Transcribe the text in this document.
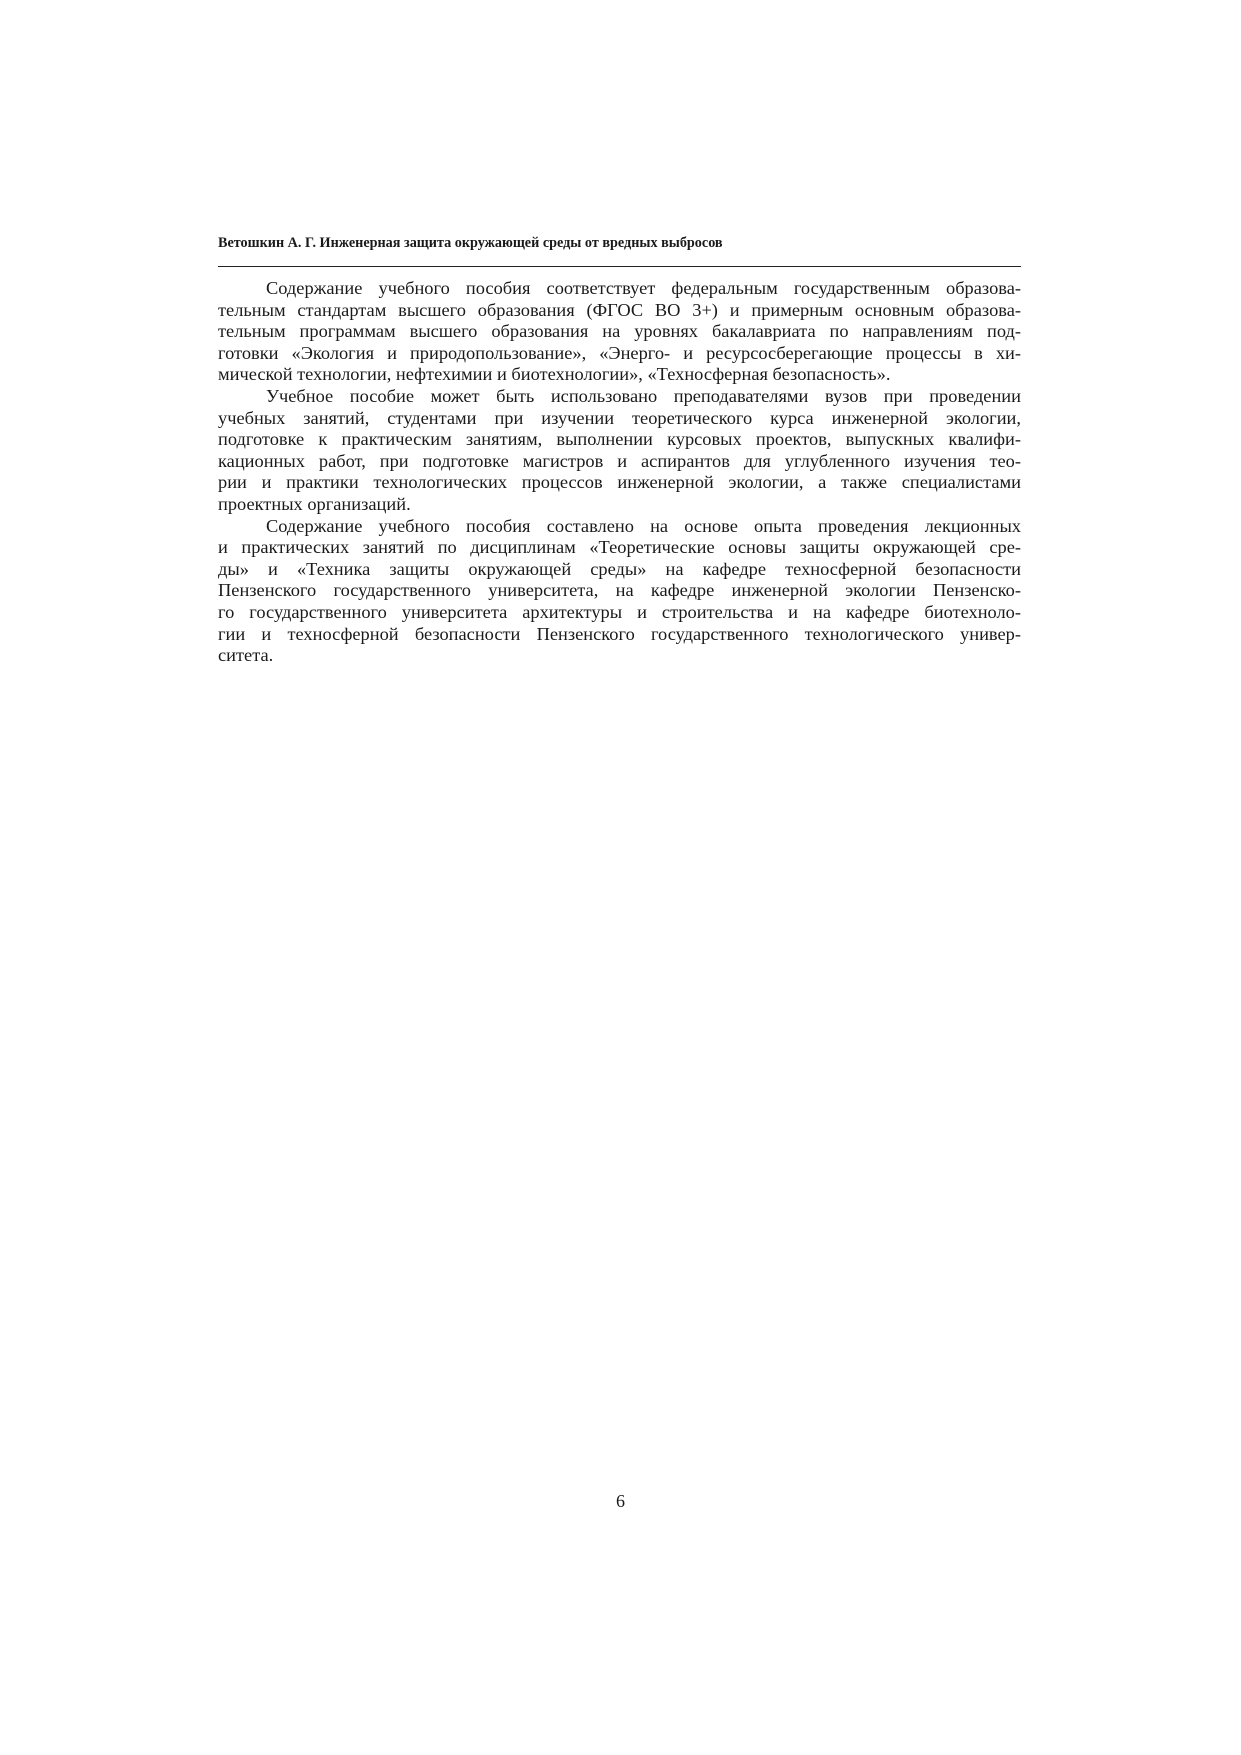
Ветошкин А. Г. Инженерная защита окружающей среды от вредных выбросов
Содержание учебного пособия соответствует федеральным государственным образова-
тельным стандартам высшего образования (ФГОС ВО 3+) и примерным основным образова-
тельным программам высшего образования на уровнях бакалавриата по направлениям под-
готовки «Экология и природопользование», «Энерго- и ресурсосберегающие процессы в хи-
мической технологии, нефтехимии и биотехнологии», «Техносферная безопасность».
Учебное пособие может быть использовано преподавателями вузов при проведении
учебных занятий, студентами при изучении теоретического курса инженерной экологии,
подготовке к практическим занятиям, выполнении курсовых проектов, выпускных квалифи-
кационных работ, при подготовке магистров и аспирантов для углубленного изучения тео-
рии и практики технологических процессов инженерной экологии, а также специалистами
проектных организаций.
Содержание учебного пособия составлено на основе опыта проведения лекционных
и практических занятий по дисциплинам «Теоретические основы защиты окружающей сре-
ды» и «Техника защиты окружающей среды» на кафедре техносферной безопасности
Пензенского государственного университета, на кафедре инженерной экологии Пензенско-
го государственного университета архитектуры и строительства и на кафедре биотехноло-
гии и техносферной безопасности Пензенского государственного технологического универ-
ситета.
6
